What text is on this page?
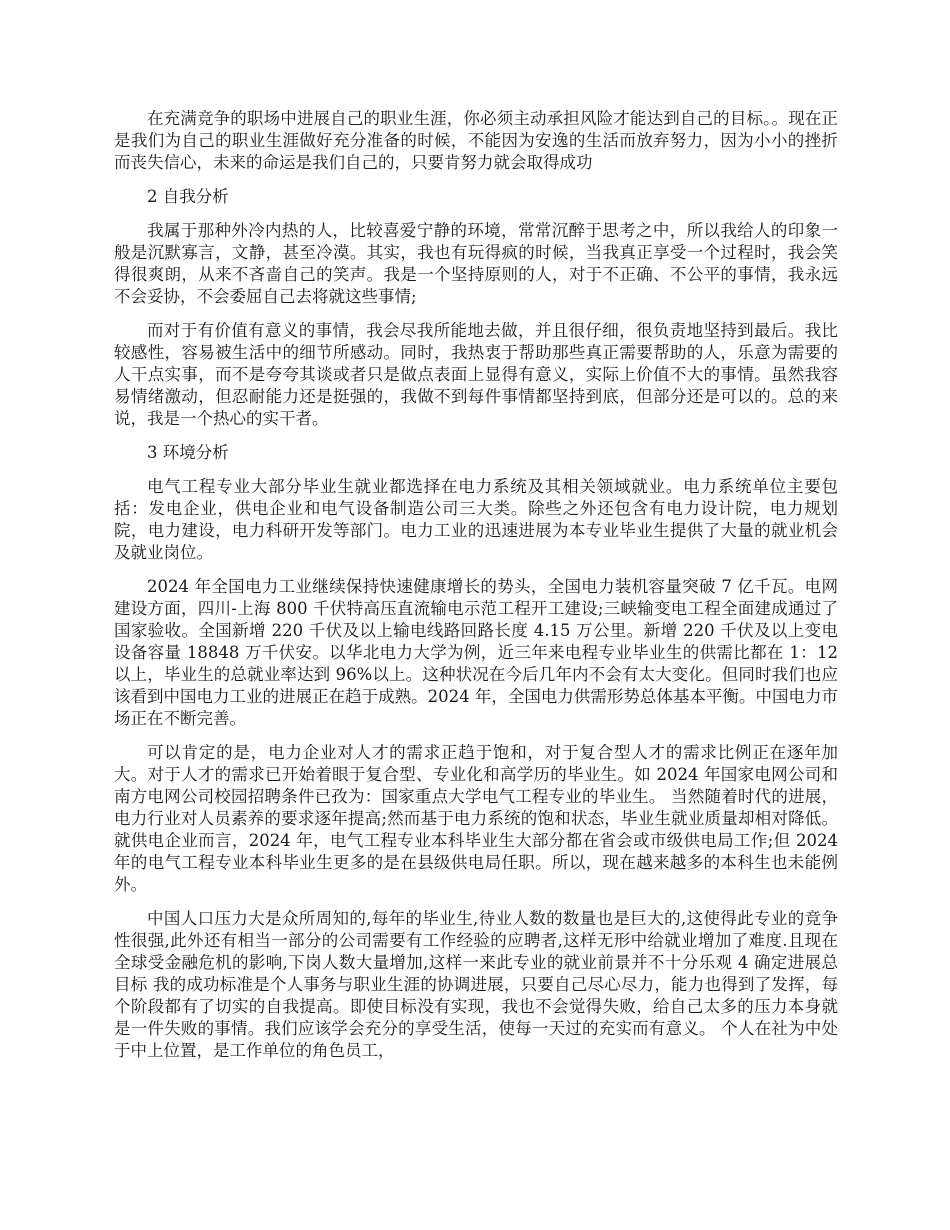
在充满竞争的职场中进展自己的职业生涯，你必须主动承担风险才能达到自己的目标。。现在正是我们为自己的职业生涯做好充分准备的时候，不能因为安逸的生活而放弃努力，因为小小的挫折而丧失信心，未来的命运是我们自己的，只要肯努力就会取得成功

2 自我分析

我属于那种外冷内热的人，比较喜爱宁静的环境，常常沉醉于思考之中，所以我给人的印象一般是沉默寡言，文静，甚至冷漠。其实，我也有玩得疯的时候，当我真正享受一个过程时，我会笑得很爽朗，从来不吝啬自己的笑声。我是一个坚持原则的人，对于不正确、不公平的事情，我永远不会妥协，不会委屈自己去将就这些事情;

而对于有价值有意义的事情，我会尽我所能地去做，并且很仔细，很负责地坚持到最后。我比较感性，容易被生活中的细节所感动。同时，我热衷于帮助那些真正需要帮助的人，乐意为需要的人干点实事，而不是夸夸其谈或者只是做点表面上显得有意义，实际上价值不大的事情。虽然我容易情绪激动，但忍耐能力还是挺强的，我做不到每件事情都坚持到底，但部分还是可以的。总的来说，我是一个热心的实干者。

3 环境分析

电气工程专业大部分毕业生就业都选择在电力系统及其相关领域就业。电力系统单位主要包括：发电企业，供电企业和电气设备制造公司三大类。除些之外还包含有电力设计院，电力规划院，电力建设，电力科研开发等部门。电力工业的迅速进展为本专业毕业生提供了大量的就业机会及就业岗位。

2024 年全国电力工业继续保持快速健康增长的势头，全国电力装机容量突破 7 亿千瓦。电网建设方面，四川-上海 800 千伏特高压直流输电示范工程开工建设;三峡输变电工程全面建成通过了国家验收。全国新增 220 千伏及以上输电线路回路长度 4.15 万公里。新增 220 千伏及以上变电设备容量 18848 万千伏安。以华北电力大学为例，近三年来电程专业毕业生的供需比都在 1：12 以上，毕业生的总就业率达到 96%以上。这种状况在今后几年内不会有太大变化。但同时我们也应该看到中国电力工业的进展正在趋于成熟。2024 年，全国电力供需形势总体基本平衡。中国电力市场正在不断完善。

可以肯定的是，电力企业对人才的需求正趋于饱和，对于复合型人才的需求比例正在逐年加大。对于人才的需求已开始着眼于复合型、专业化和高学历的毕业生。如 2024 年国家电网公司和南方电网公司校园招聘条件已孜为：国家重点大学电气工程专业的毕业生。 当然随着时代的进展，电力行业对人员素养的要求逐年提高;然而基于电力系统的饱和状态，毕业生就业质量却相对降低。就供电企业而言，2024 年，电气工程专业本科毕业生大部分都在省会或市级供电局工作;但 2024 年的电气工程专业本科毕业生更多的是在县级供电局任职。所以，现在越来越多的本科生也未能例外。

中国人口压力大是众所周知的,每年的毕业生,待业人数的数量也是巨大的,这使得此专业的竞争性很强,此外还有相当一部分的公司需要有工作经验的应聘者,这样无形中给就业增加了难度.且现在全球受金融危机的影响,下岗人数大量增加,这样一来此专业的就业前景并不十分乐观 4 确定进展总目标 我的成功标准是个人事务与职业生涯的协调进展，只要自己尽心尽力，能力也得到了发挥，每个阶段都有了切实的自我提高。即使目标没有实现，我也不会觉得失败，给自己太多的压力本身就是一件失败的事情。我们应该学会充分的享受生活，使每一天过的充实而有意义。 个人在社为中处于中上位置，是工作单位的角色员工，
